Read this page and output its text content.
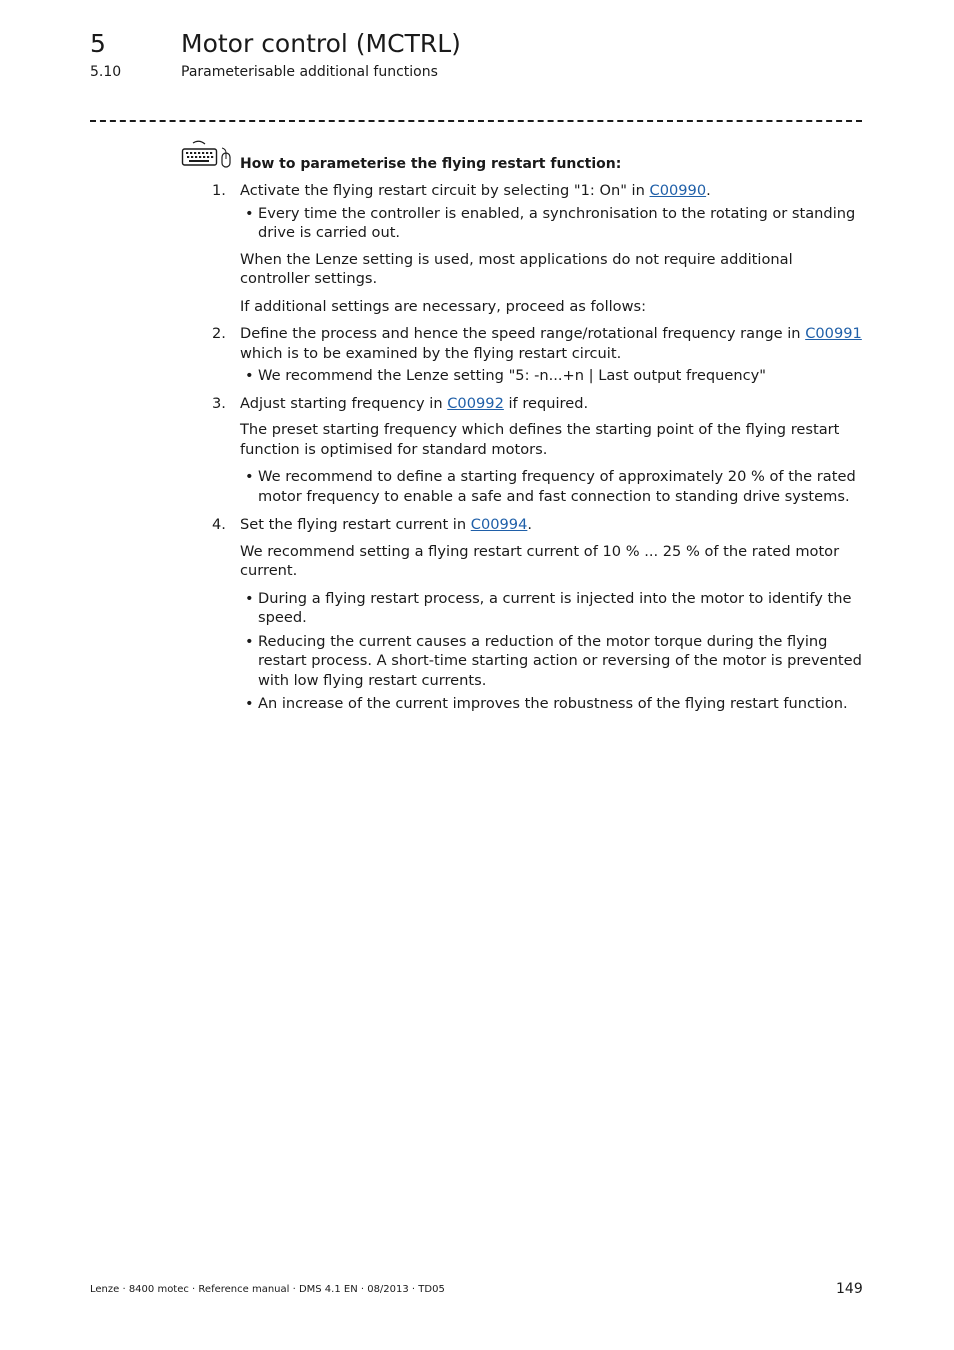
5	Motor control (MCTRL)
5.10	Parameterisable additional functions
How to parameterise the flying restart function:
1. Activate the flying restart circuit by selecting "1: On" in C00990.
• Every time the controller is enabled, a synchronisation to the rotating or standing drive is carried out.
When the Lenze setting is used, most applications do not require additional controller settings.
If additional settings are necessary, proceed as follows:
2. Define the process and hence the speed range/rotational frequency range in C00991 which is to be examined by the flying restart circuit.
• We recommend the Lenze setting "5: -n...+n | Last output frequency"
3. Adjust starting frequency in C00992 if required.
The preset starting frequency which defines the starting point of the flying restart function is optimised for standard motors.
• We recommend to define a starting frequency of approximately 20 % of the rated motor frequency to enable a safe and fast connection to standing drive systems.
4. Set the flying restart current in C00994.
We recommend setting a flying restart current of 10 % ... 25 % of the rated motor current.
• During a flying restart process, a current is injected into the motor to identify the speed.
• Reducing the current causes a reduction of the motor torque during the flying restart process. A short-time starting action or reversing of the motor is prevented with low flying restart currents.
• An increase of the current improves the robustness of the flying restart function.
Lenze · 8400 motec · Reference manual · DMS 4.1 EN · 08/2013 · TD05	149
